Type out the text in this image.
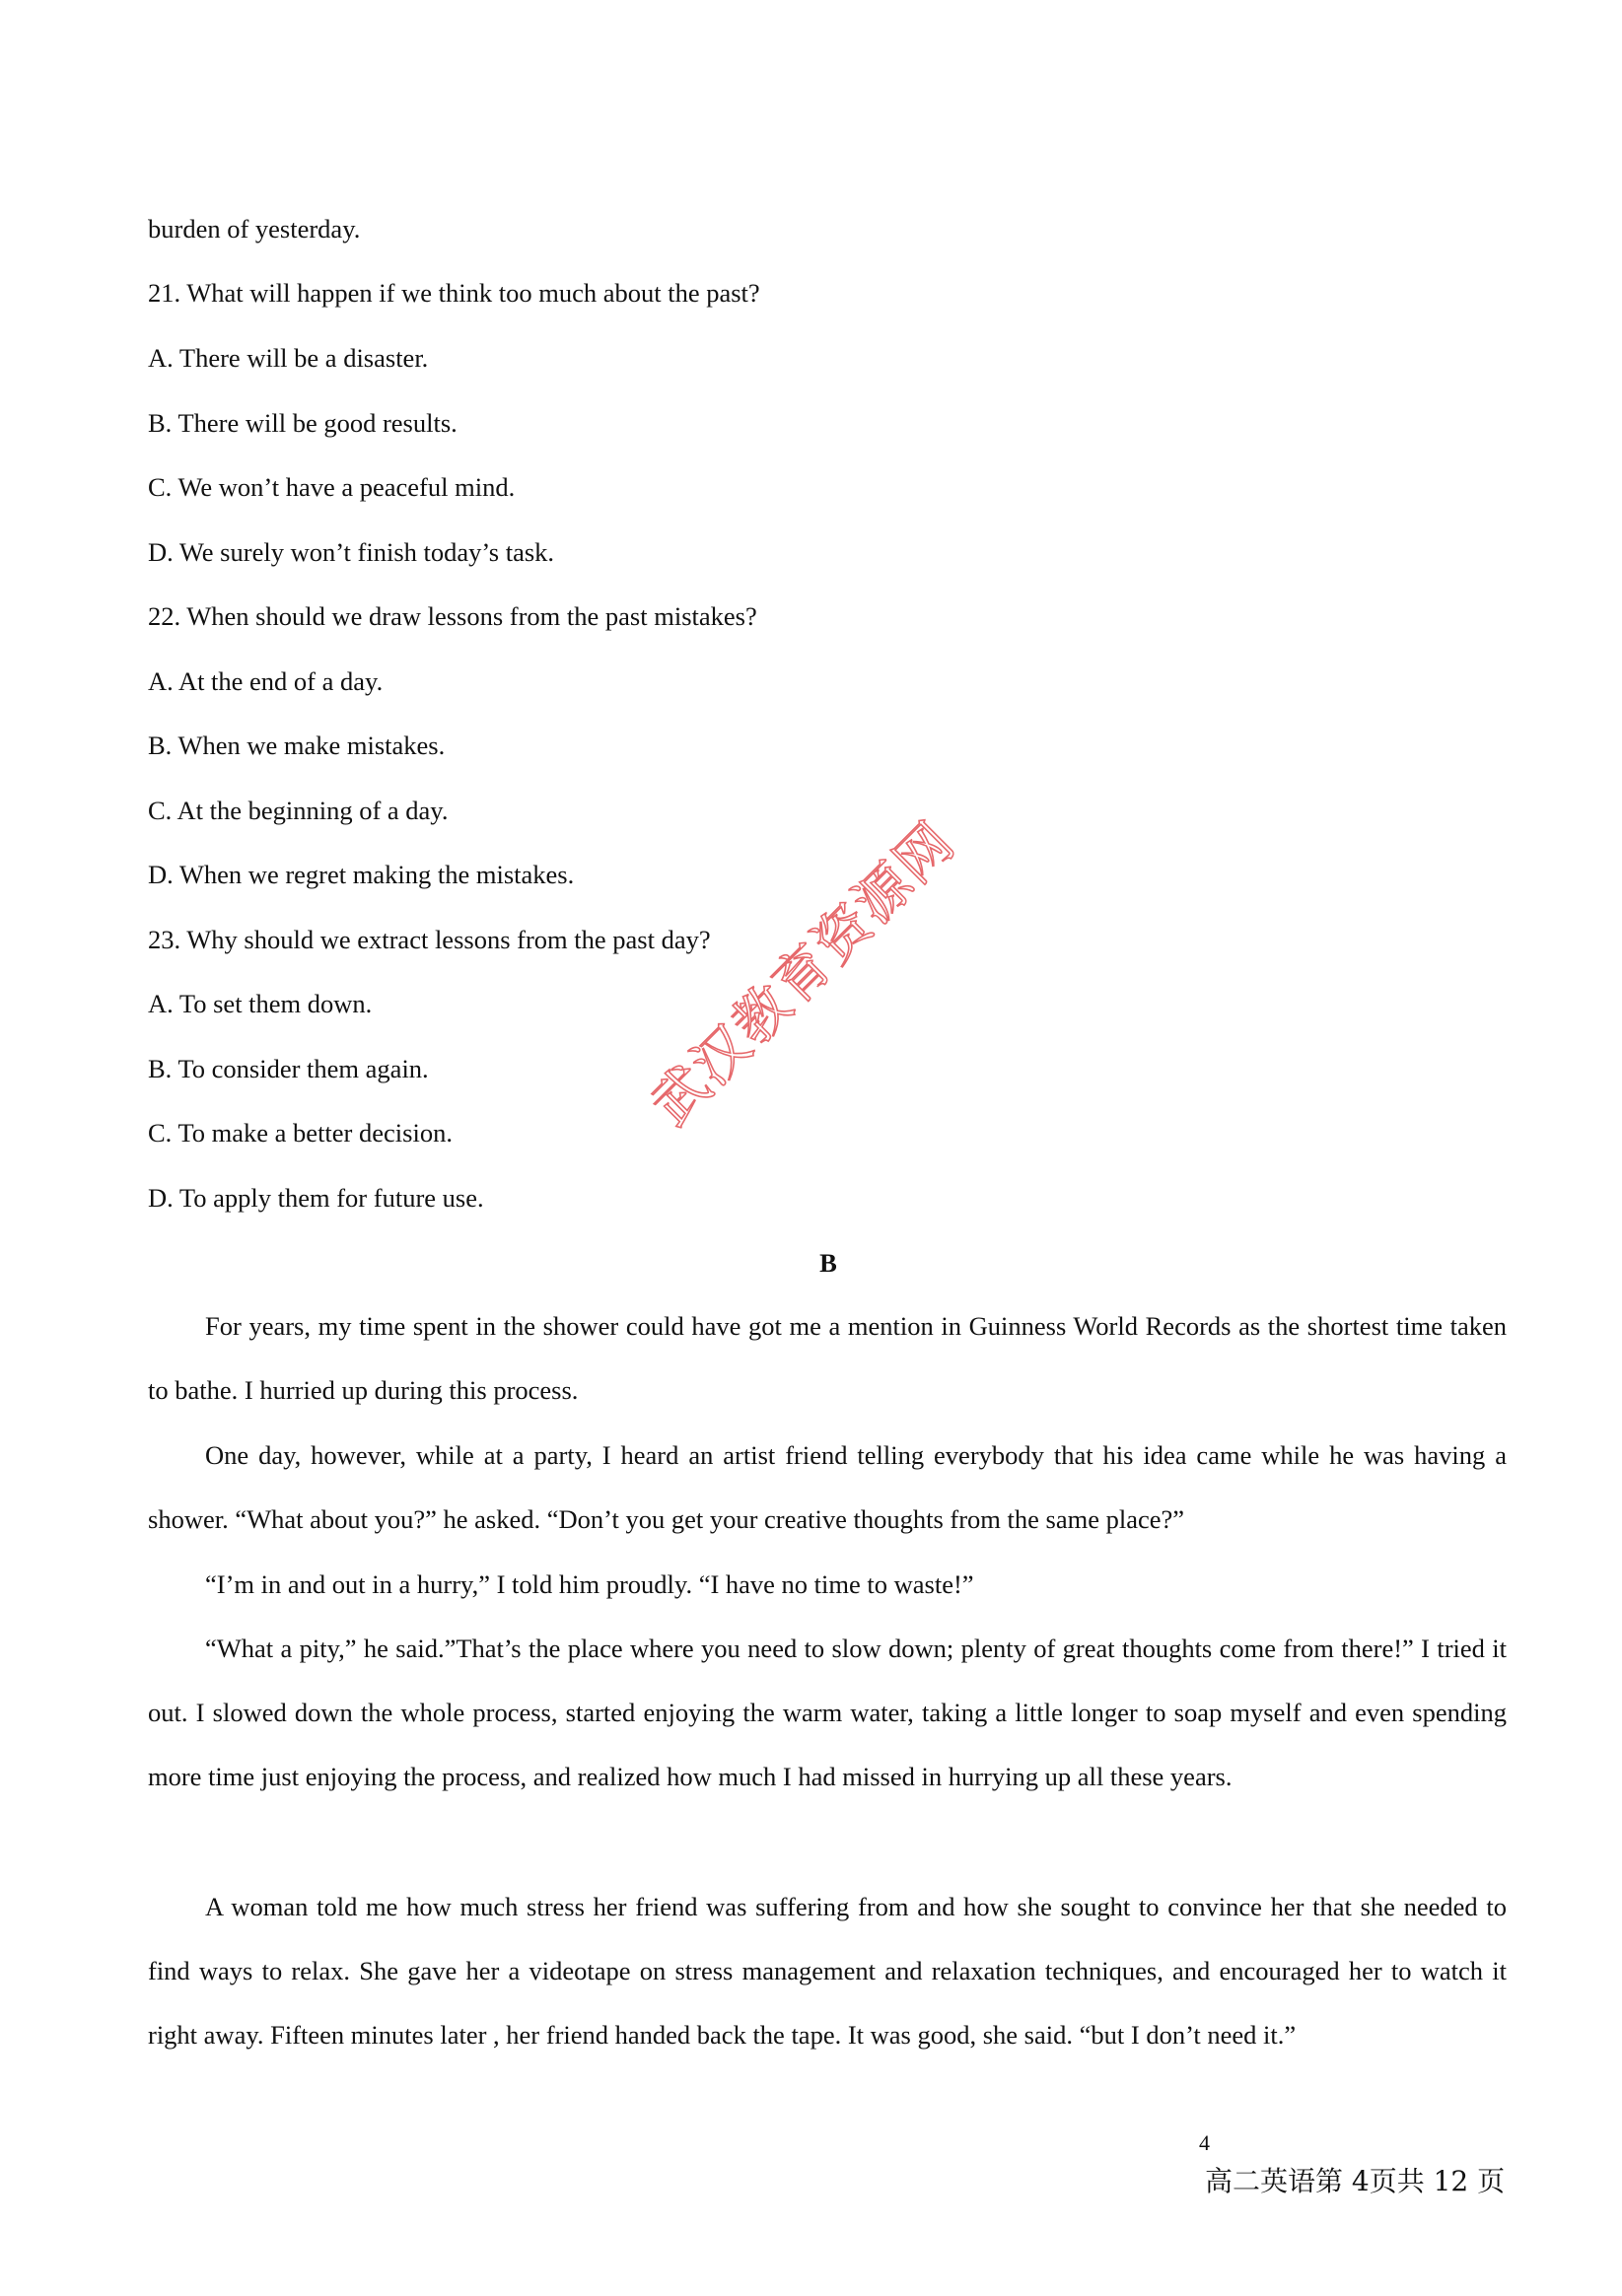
burden of yesterday.
21. What will happen if we think too much about the past?
A. There will be a disaster.
B. There will be good results.
C. We won’t have a peaceful mind.
D. We surely won’t finish today’s task.
22. When should we draw lessons from the past mistakes?
A. At the end of a day.
B. When we make mistakes.
C. At the beginning of a day.
D. When we regret making the mistakes.
23. Why should we extract lessons from the past day?
A. To set them down.
B. To consider them again.
C. To make a better decision.
D. To apply them for future use.
武汉教育资源网
B
For years, my time spent in the shower could have got me a mention in Guinness World Records as the shortest time taken to bathe. I hurried up during this process.
One day, however, while at a party, I heard an artist friend telling everybody that his idea came while he was having a shower. “What about you?” he asked. “Don’t you get your creative thoughts from the same place?”
“I’m in and out in a hurry,” I told him proudly. “I have no time to waste!”
“What a pity,” he said.”That’s the place where you need to slow down; plenty of great thoughts come from there!” I tried it out. I slowed down the whole process, started enjoying the warm water, taking a little longer to soap myself and even spending more time just enjoying the process, and realized how much I had missed in hurrying up all these years.
A woman told me how much stress her friend was suffering from and how she sought to convince her that she needed to find ways to relax. She gave her a videotape on stress management and relaxation techniques, and encouraged her to watch it right away. Fifteen minutes later , her friend handed back the tape. It was good, she said. “but I don’t need it.”
4
高二英语第 4页共 12 页
